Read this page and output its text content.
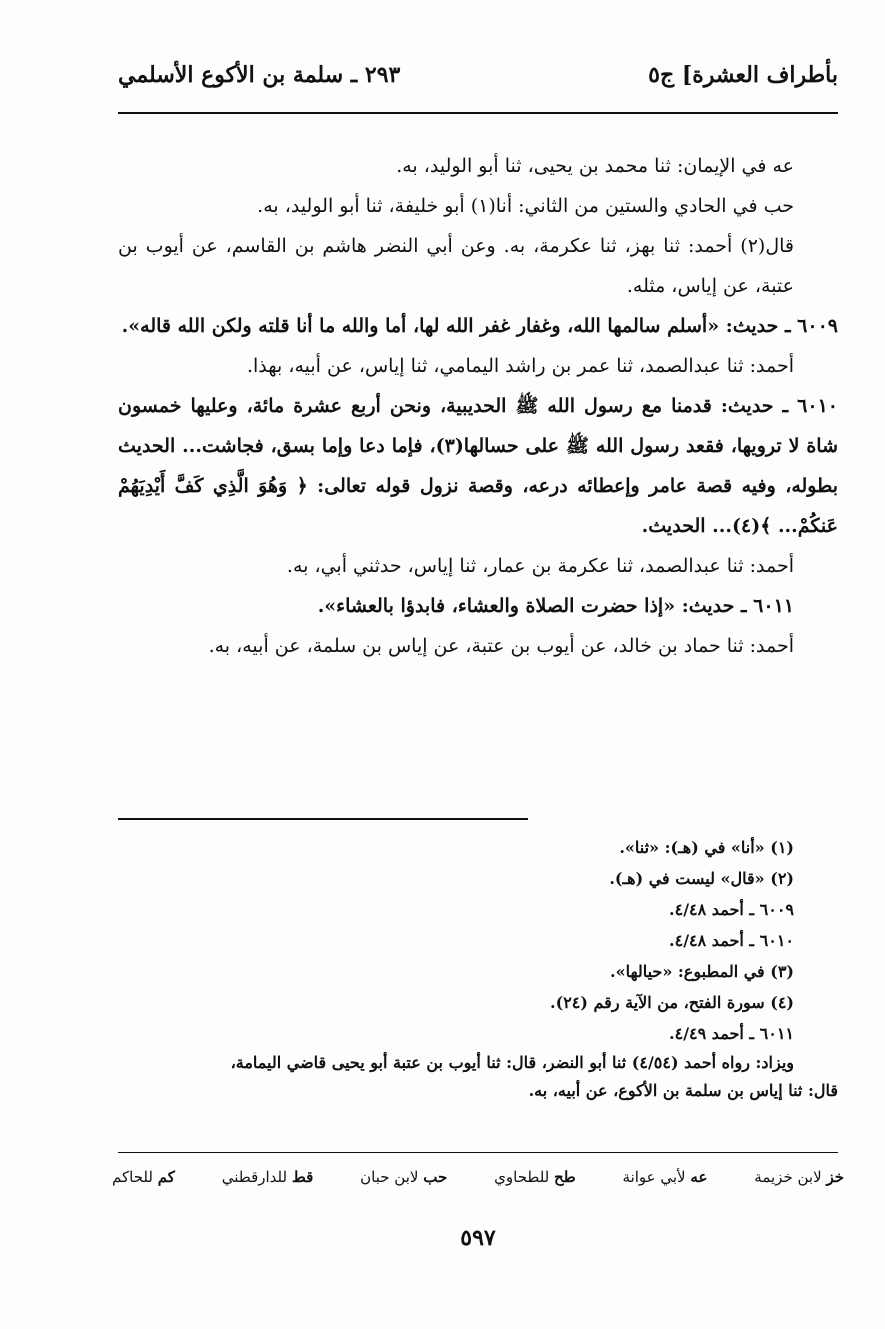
بأطراف العشرة] ج٥
٢٩٣ ـ سلمة بن الأكوع الأسلمي
عه في الإيمان: ثنا محمد بن يحيى، ثنا أبو الوليد، به.
حب في الحادي والستين من الثاني: أنا(١) أبو خليفة، ثنا أبو الوليد، به.
قال(٢) أحمد: ثنا بهز، ثنا عكرمة، به. وعن أبي النضر هاشم بن القاسم، عن أيوب بن عتبة، عن إياس، مثله.
٦٠٠٩ ـ حديث: «أسلم سالمها الله، وغفار غفر الله لها، أما والله ما أنا قلته ولكن الله قاله».
أحمد: ثنا عبدالصمد، ثنا عمر بن راشد اليمامي، ثنا إياس، عن أبيه، بهذا.
٦٠١٠ ـ حديث: قدمنا مع رسول الله ﷺ الحديبية، ونحن أربع عشرة مائة، وعليها خمسون شاة لا ترويها، فقعد رسول الله ﷺ على حسالها(٣)، فإما دعا وإما بسق، فجاشت... الحديث بطوله، وفيه قصة عامر وإعطائه درعه، وقصة نزول قوله تعالى: ﴿ وَهُوَ الَّذِي كَفَّ أَيْدِيَهُمْ عَنكُمْ... ﴾(٤)... الحديث.
أحمد: ثنا عبدالصمد، ثنا عكرمة بن عمار، ثنا إياس، حدثني أبي، به.
٦٠١١ ـ حديث: «إذا حضرت الصلاة والعشاء، فابدؤا بالعشاء».
أحمد: ثنا حماد بن خالد، عن أيوب بن عتبة، عن إياس بن سلمة، عن أبيه، به.
(١) «أنا» في (هـ): «ثنا».
(٢) «قال» ليست في (هـ).
٦٠٠٩ ـ أحمد ٤/٤٨.
٦٠١٠ ـ أحمد ٤/٤٨.
(٣) في المطبوع: «حيالها».
(٤) سورة الفتح، من الآية رقم (٢٤).
٦٠١١ ـ أحمد ٤/٤٩.
ويزاد: رواه أحمد (٤/٥٤) ثنا أبو النضر، قال: ثنا أيوب بن عتبة أبو يحيى قاضي اليمامة،
قال: ثنا إياس بن سلمة بن الأكوع، عن أبيه، به.
خز لابن خزيمة
عه لأبي عوانة
طح للطحاوي
حب لابن حبان
قط للدارقطني
كم للحاكم
٥٩٧
